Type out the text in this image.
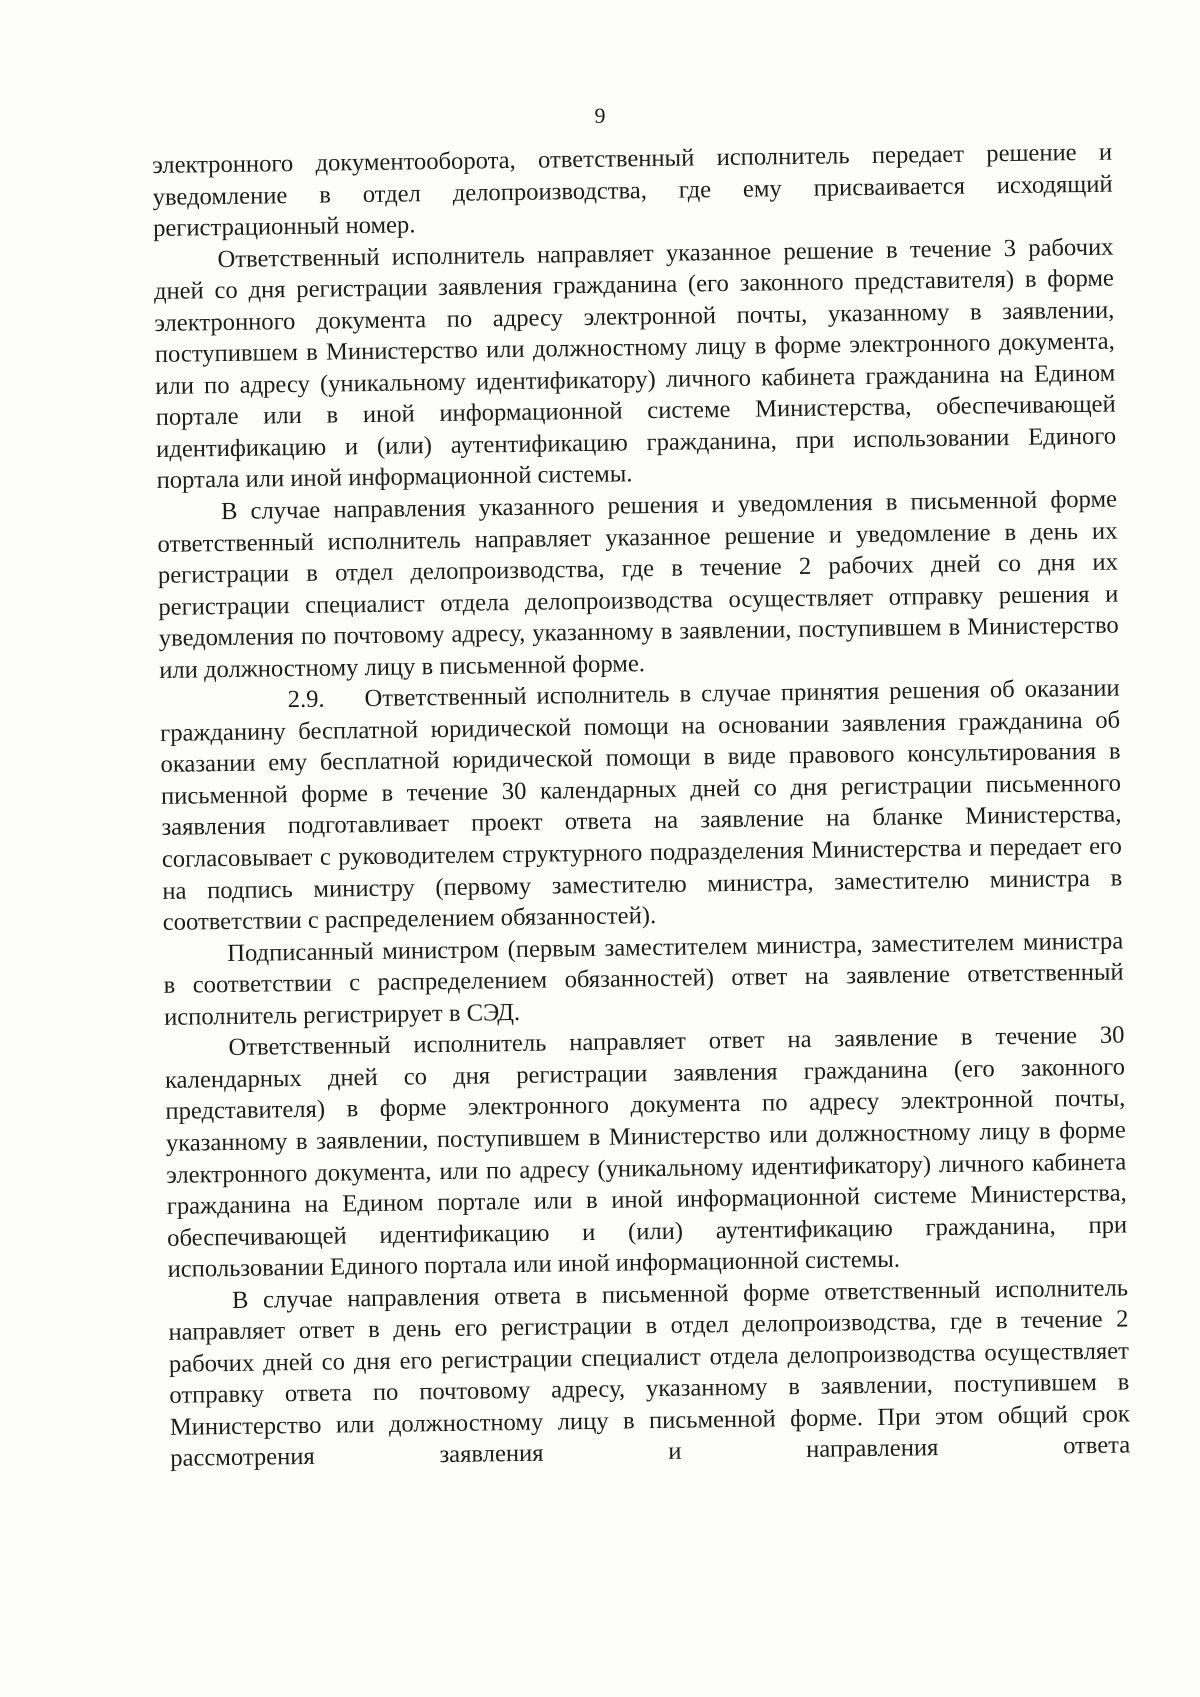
9

электронного документооборота, ответственный исполнитель передает решение и уведомление в отдел делопроизводства, где ему присваивается исходящий регистрационный номер.

Ответственный исполнитель направляет указанное решение в течение 3 рабочих дней со дня регистрации заявления гражданина (его законного представителя) в форме электронного документа по адресу электронной почты, указанному в заявлении, поступившем в Министерство или должностному лицу в форме электронного документа, или по адресу (уникальному идентификатору) личного кабинета гражданина на Едином портале или в иной информационной системе Министерства, обеспечивающей идентификацию и (или) аутентификацию гражданина, при использовании Единого портала или иной информационной системы.

В случае направления указанного решения и уведомления в письменной форме ответственный исполнитель направляет указанное решение и уведомление в день их регистрации в отдел делопроизводства, где в течение 2 рабочих дней со дня их регистрации специалист отдела делопроизводства осуществляет отправку решения и уведомления по почтовому адресу, указанному в заявлении, поступившем в Министерство или должностному лицу в письменной форме.

2.9. Ответственный исполнитель в случае принятия решения об оказании гражданину бесплатной юридической помощи на основании заявления гражданина об оказании ему бесплатной юридической помощи в виде правового консультирования в письменной форме в течение 30 календарных дней со дня регистрации письменного заявления подготавливает проект ответа на заявление на бланке Министерства, согласовывает с руководителем структурного подразделения Министерства и передает его на подпись министру (первому заместителю министра, заместителю министра в соответствии с распределением обязанностей).

Подписанный министром (первым заместителем министра, заместителем министра в соответствии с распределением обязанностей) ответ на заявление ответственный исполнитель регистрирует в СЭД.

Ответственный исполнитель направляет ответ на заявление в течение 30 календарных дней со дня регистрации заявления гражданина (его законного представителя) в форме электронного документа по адресу электронной почты, указанному в заявлении, поступившем в Министерство или должностному лицу в форме электронного документа, или по адресу (уникальному идентификатору) личного кабинета гражданина на Едином портале или в иной информационной системе Министерства, обеспечивающей идентификацию и (или) аутентификацию гражданина, при использовании Единого портала или иной информационной системы.

В случае направления ответа в письменной форме ответственный исполнитель направляет ответ в день его регистрации в отдел делопроизводства, где в течение 2 рабочих дней со дня его регистрации специалист отдела делопроизводства осуществляет отправку ответа по почтовому адресу, указанному в заявлении, поступившем в Министерство или должностному лицу в письменной форме. При этом общий срок рассмотрения заявления и направления ответа
